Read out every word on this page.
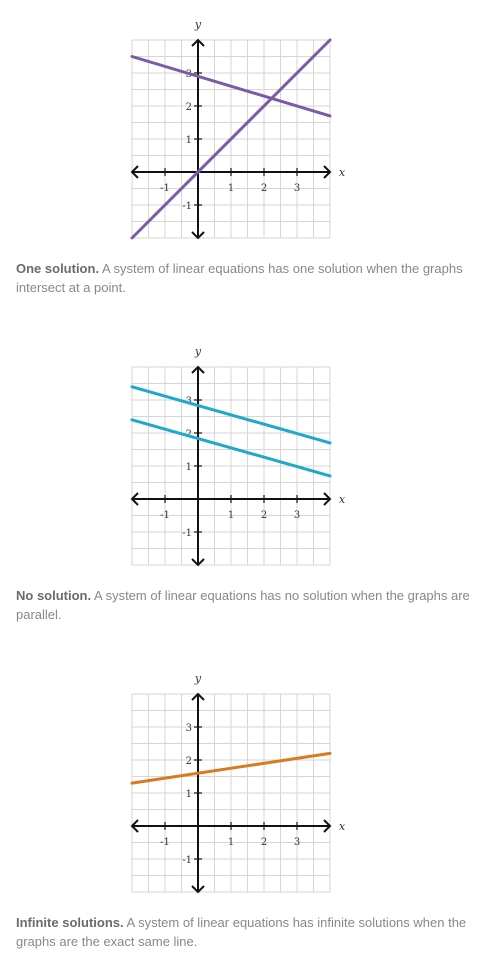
-1	1	2	3
-1
1
2
3
x
y
One solution. A system of linear equations has one solution when the graphs intersect at a point.
-1	1	2	3
-1
1
2
3
x
y
No solution. A system of linear equations has no solution when the graphs are parallel.
-1	1	2	3
-1
1
2
3
x
y
Infinite solutions. A system of linear equations has infinite solutions when the graphs are the exact same line.
